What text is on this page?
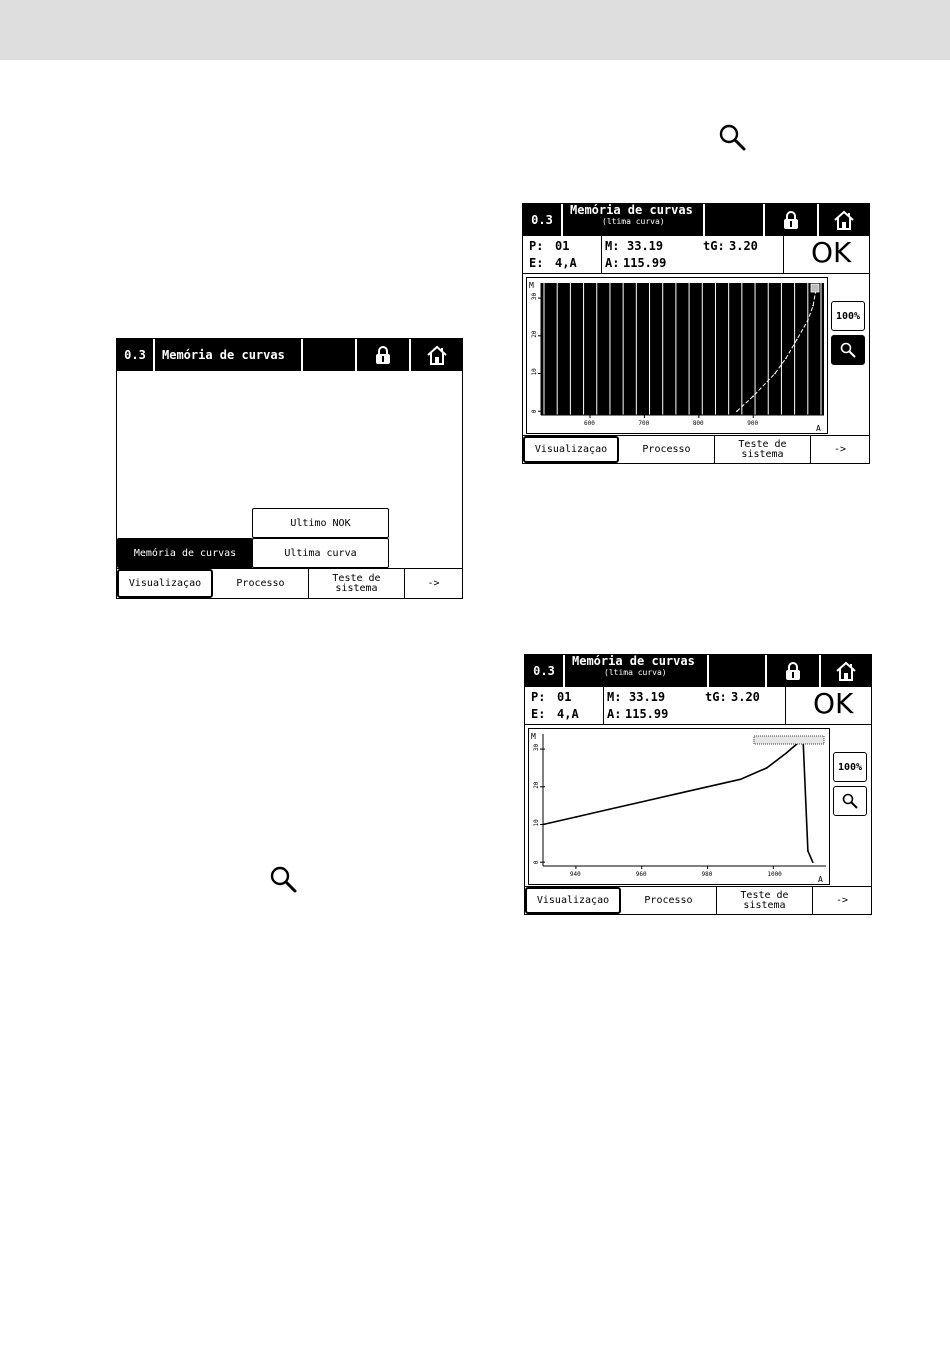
0.3	Memória de curvas
Ultimo NOK
Memória de curvas	Ultima curva
Visualizaçao	Processo	Teste de sistema	->
0.3
Memória de curvas
(ltima curva)
P: 01
E: 4,A
M: 33.19	tG: 3.20
A: 115.99	OK
0
10
20
30
600	700	800	900
M
A
100%
Visualizaçao	Processo	Teste de sistema	->
0.3
Memória de curvas
(ltima curva)
P: 01
E: 4,A
M: 33.19	tG: 3.20
A: 115.99	OK
0
10
20
30
940	960	980	1000
M
A
100%
Visualizaçao	Processo	Teste de sistema	->
